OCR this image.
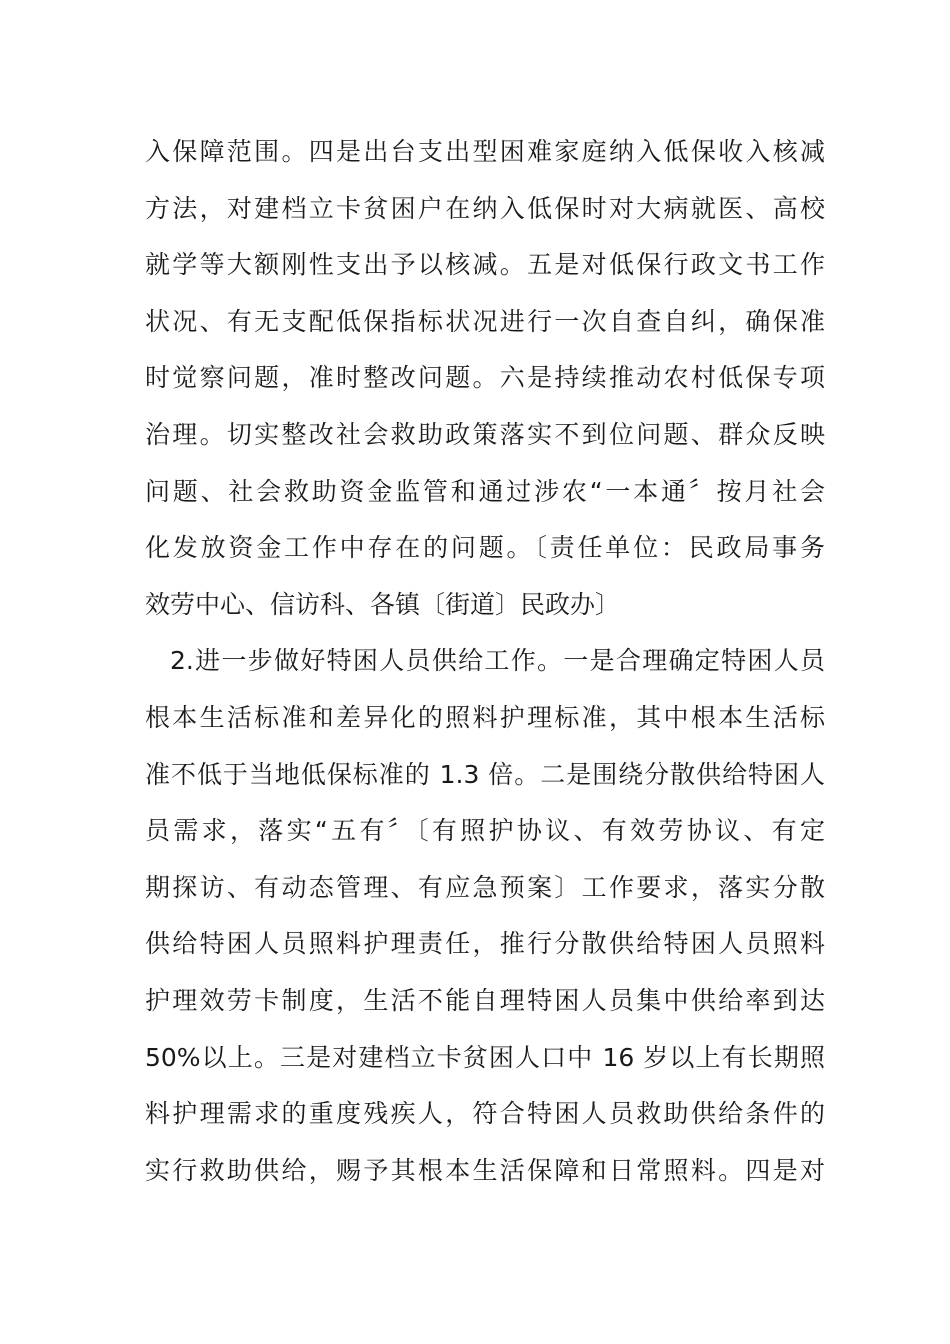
入保障范围。四是出台支出型困难家庭纳入低保收入核减
方法，对建档立卡贫困户在纳入低保时对大病就医、高校
就学等大额刚性支出予以核减。五是对低保行政文书工作
状况、有无支配低保指标状况进行一次自查自纠，确保准
时觉察问题，准时整改问题。六是持续推动农村低保专项
治理。切实整改社会救助政策落实不到位问题、群众反映
问题、社会救助资金监管和通过涉农“一本通〞按月社会
化发放资金工作中存在的问题。〔责任单位：民政局事务
效劳中心、信访科、各镇〔街道〕民政办〕
2.进一步做好特困人员供给工作。一是合理确定特困人员
根本生活标准和差异化的照料护理标准，其中根本生活标
准不低于当地低保标准的 1.3 倍。二是围绕分散供给特困人
员需求，落实“五有〞〔有照护协议、有效劳协议、有定
期探访、有动态管理、有应急预案〕工作要求，落实分散
供给特困人员照料护理责任，推行分散供给特困人员照料
护理效劳卡制度，生活不能自理特困人员集中供给率到达
50%以上。三是对建档立卡贫困人口中 16 岁以上有长期照
料护理需求的重度残疾人，符合特困人员救助供给条件的
实行救助供给，赐予其根本生活保障和日常照料。四是对
